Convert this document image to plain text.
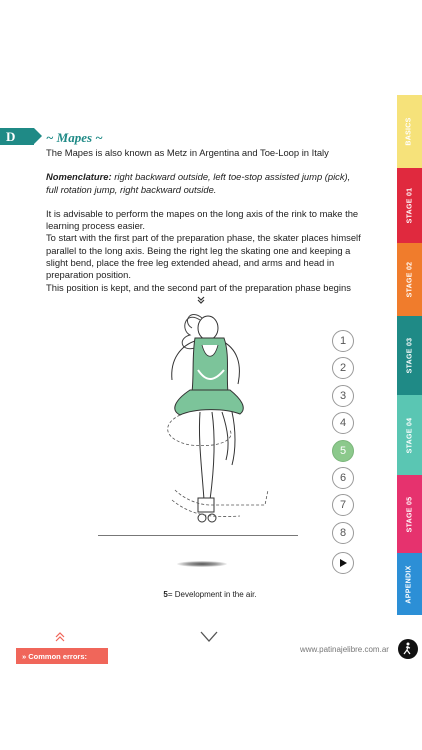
D ~ Mapes ~

The Mapes is also known as Metz in Argentina and Toe-Loop in Italy

Nomenclature: right backward outside, left toe-stop assisted jump (pick), full rotation jump, right backward outside.

It is advisable to perform the mapes on the long axis of the rink to make the learning process easier.

To start with the first part of the preparation phase, the skater places himself parallel to the long axis. Being the right leg the skating one and keeping a slight bend, place the free leg extended ahead, and arms and head in preparation position.

This position is kept, and the second part of the preparation phase begins

BASICS
STAGE 01
STAGE 02
STAGE 03
STAGE 04
STAGE 05
APPENDIX
1
2
3
4
5
6
7
8
5= Development in the air.
» Common errors:
www.patinajelibre.com.ar
